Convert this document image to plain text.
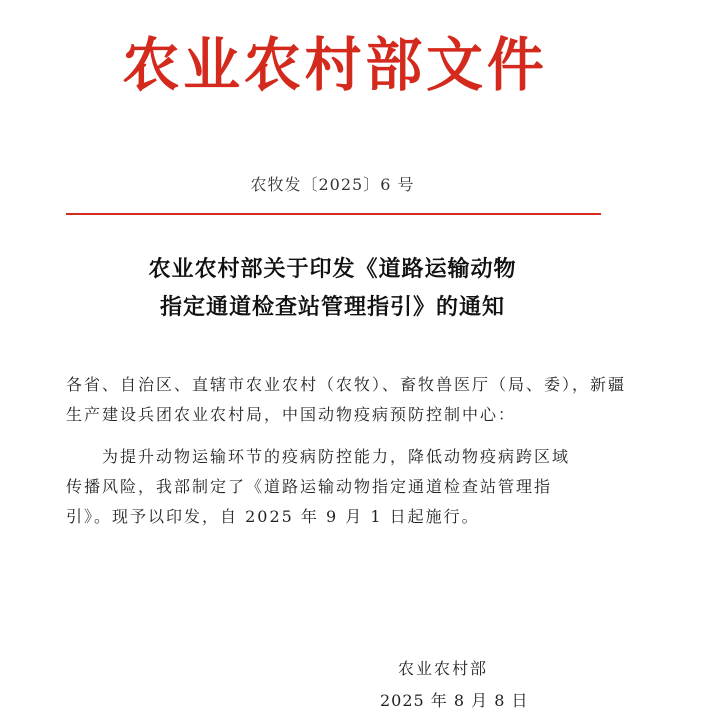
农业农村部文件
农牧发〔2025〕6 号
农业农村部关于印发《道路运输动物
指定通道检查站管理指引》的通知
各省、自治区、直辖市农业农村（农牧）、畜牧兽医厅（局、委），新疆
生产建设兵团农业农村局，中国动物疫病预防控制中心：
为提升动物运输环节的疫病防控能力，降低动物疫病跨区域
传播风险，我部制定了《道路运输动物指定通道检查站管理指
引》。现予以印发，自 2025 年 9 月 1 日起施行。
农业农村部
2025 年 8 月 8 日
